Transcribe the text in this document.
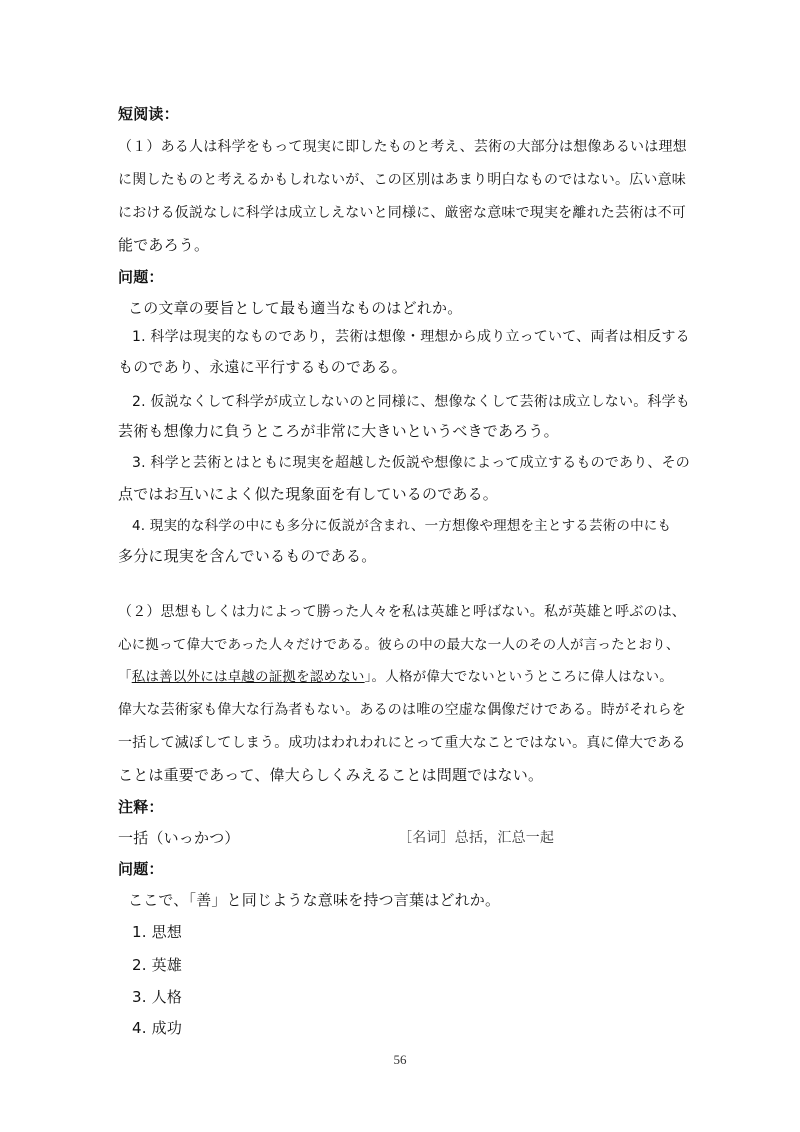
短阅读：
（１）ある人は科学をもって現実に即したものと考え、芸術の大部分は想像あるいは理想
に関したものと考えるかもしれないが、この区別はあまり明白なものではない。広い意味
における仮説なしに科学は成立しえないと同様に、厳密な意味で現実を離れた芸術は不可
能であろう。
问题：
この文章の要旨として最も適当なものはどれか。
1. 科学は現実的なものであり，芸術は想像・理想から成り立っていて、両者は相反する
ものであり、永遠に平行するものである。
2. 仮説なくして科学が成立しないのと同様に、想像なくして芸術は成立しない。科学も
芸術も想像力に負うところが非常に大きいというべきであろう。
3. 科学と芸術とはともに現実を超越した仮説や想像によって成立するものであり、その
点ではお互いによく似た現象面を有しているのである。
4. 現実的な科学の中にも多分に仮説が含まれ、一方想像や理想を主とする芸術の中にも
多分に現実を含んでいるものである。
（２）思想もしくは力によって勝った人々を私は英雄と呼ばない。私が英雄と呼ぶのは、
心に拠って偉大であった人々だけである。彼らの中の最大な一人のその人が言ったとおり、
「私は善以外には卓越の証拠を認めない」。人格が偉大でないというところに偉人はない。
偉大な芸術家も偉大な行為者もない。あるのは唯の空虚な偶像だけである。時がそれらを
一括して滅ぼしてしまう。成功はわれわれにとって重大なことではない。真に偉大である
ことは重要であって、偉大らしくみえることは問題ではない。
注释：
一括（いっかつ）	［名词］总括，汇总一起
问题：
ここで、「善」と同じような意味を持つ言葉はどれか。
1. 思想
2. 英雄
3. 人格
4. 成功
56
